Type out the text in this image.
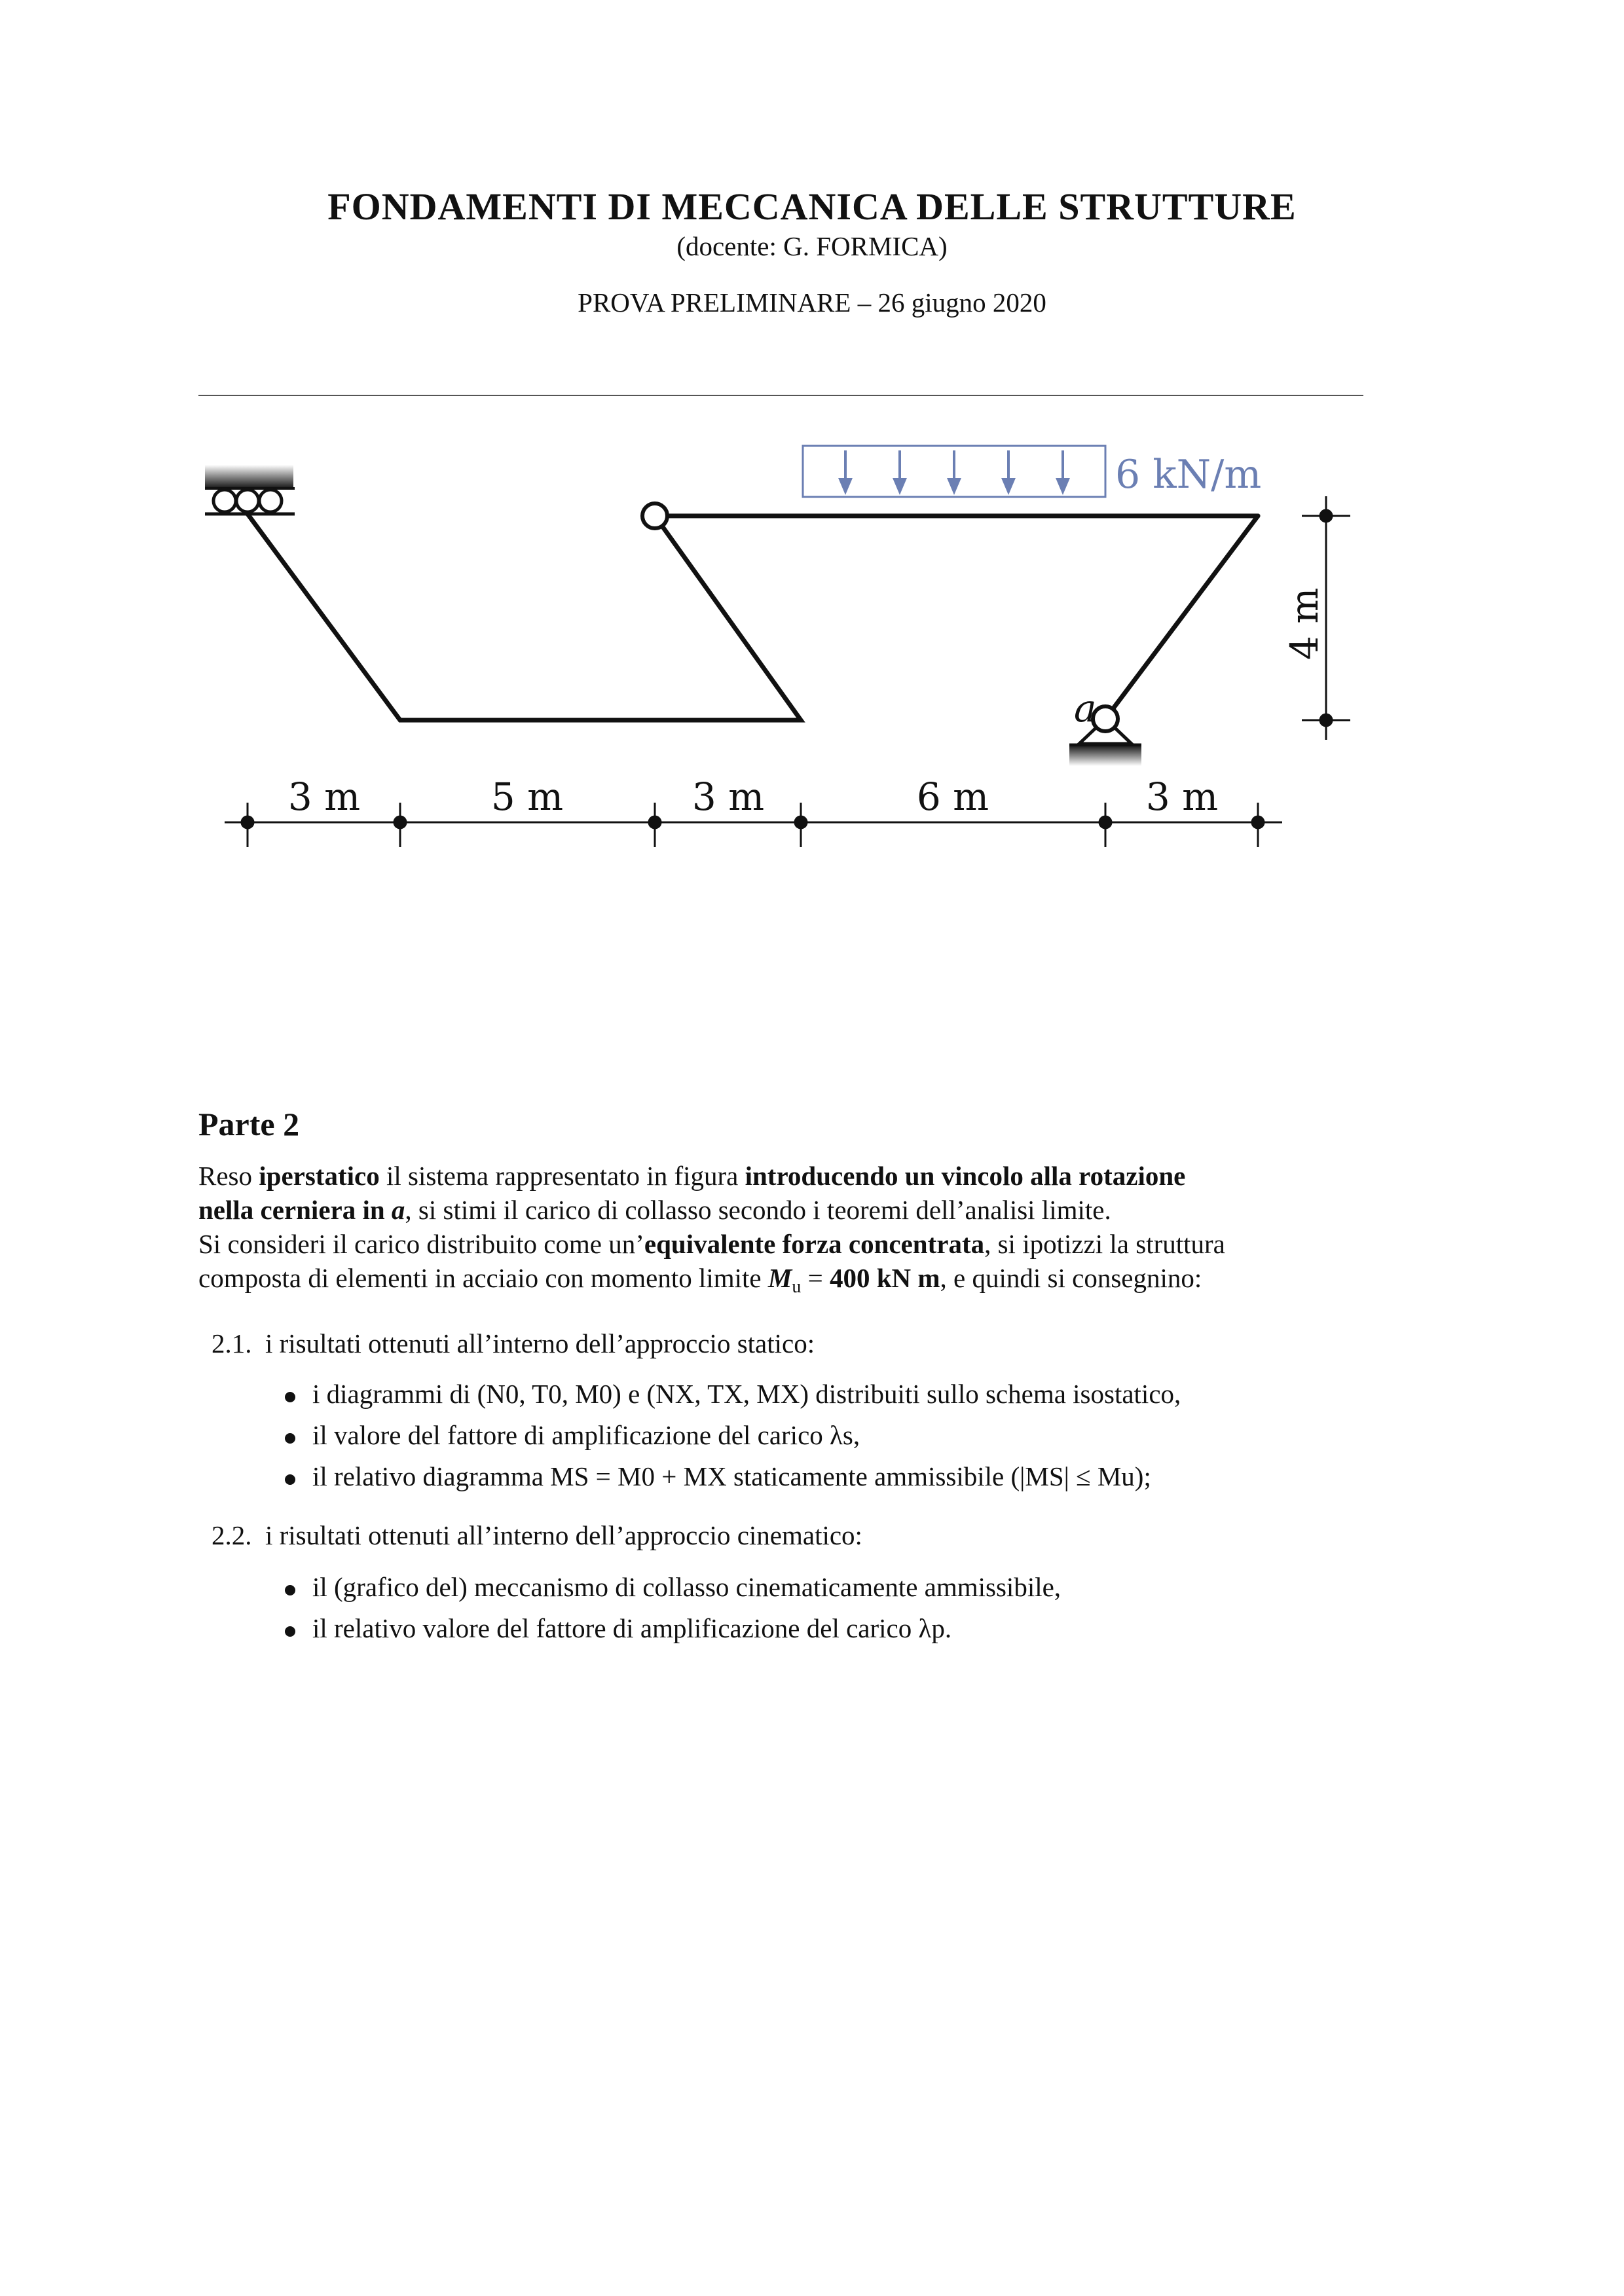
FONDAMENTI DI MECCANICA DELLE STRUTTURE
(docente: G. FORMICA)
PROVA PRELIMINARE – 26 giugno 2020
a
6 kN/m
4 m
3 m	5 m	3 m	6 m	3 m
Parte 2
Reso iperstatico il sistema rappresentato in figura introducendo un vincolo alla rotazione
nella cerniera in a, si stimi il carico di collasso secondo i teoremi dell’analisi limite.
Si consideri il carico distribuito come un’equivalente forza concentrata, si ipotizzi la struttura
composta di elementi in acciaio con momento limite $M_u = 400$ kN m, e quindi si consegnino:
2.1. i risultati ottenuti all’interno dell’approccio statico:
i diagrammi di (N0, T0, M0) e (NX, TX, MX) distribuiti sullo schema isostatico,
il valore del fattore di amplificazione del carico λs,
il relativo diagramma MS = M0 + MX staticamente ammissibile (|MS| ≤ Mu);
2.2. i risultati ottenuti all’interno dell’approccio cinematico:
il (grafico del) meccanismo di collasso cinematicamente ammissibile,
il relativo valore del fattore di amplificazione del carico λp.
